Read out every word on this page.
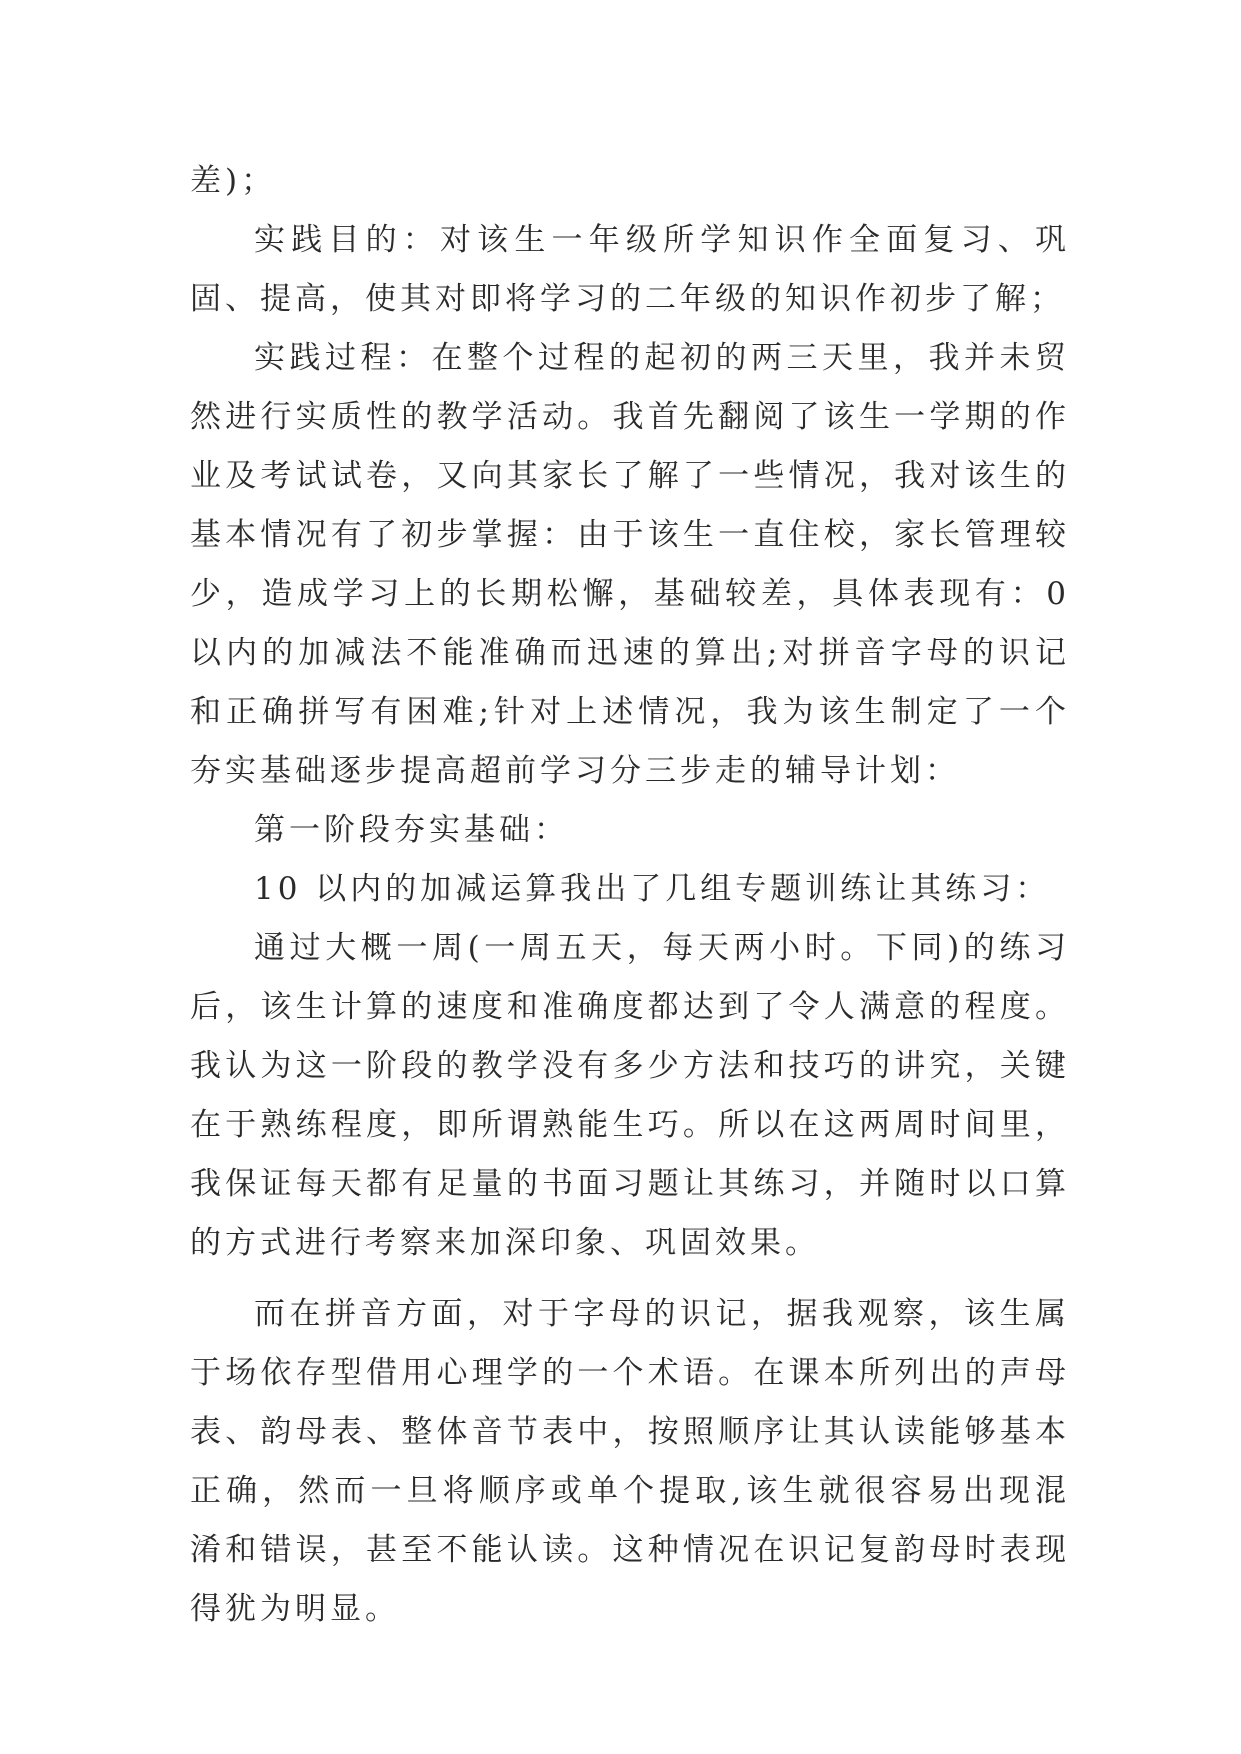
差)；

实践目的：对该生一年级所学知识作全面复习、巩固、提高，使其对即将学习的二年级的知识作初步了解；

实践过程：在整个过程的起初的两三天里，我并未贸然进行实质性的教学活动。我首先翻阅了该生一学期的作业及考试试卷，又向其家长了解了一些情况，我对该生的基本情况有了初步掌握：由于该生一直住校，家长管理较少，造成学习上的长期松懈，基础较差，具体表现有：0 以内的加减法不能准确而迅速的算出;对拼音字母的识记和正确拼写有困难;针对上述情况，我为该生制定了一个夯实基础逐步提高超前学习分三步走的辅导计划：

第一阶段夯实基础：

10 以内的加减运算我出了几组专题训练让其练习：

通过大概一周(一周五天，每天两小时。下同)的练习后，该生计算的速度和准确度都达到了令人满意的程度。我认为这一阶段的教学没有多少方法和技巧的讲究，关键在于熟练程度，即所谓熟能生巧。所以在这两周时间里，我保证每天都有足量的书面习题让其练习，并随时以口算的方式进行考察来加深印象、巩固效果。

而在拼音方面，对于字母的识记，据我观察，该生属于场依存型借用心理学的一个术语。在课本所列出的声母表、韵母表、整体音节表中，按照顺序让其认读能够基本正确，然而一旦将顺序或单个提取,该生就很容易出现混淆和错误，甚至不能认读。这种情况在识记复韵母时表现得犹为明显。
